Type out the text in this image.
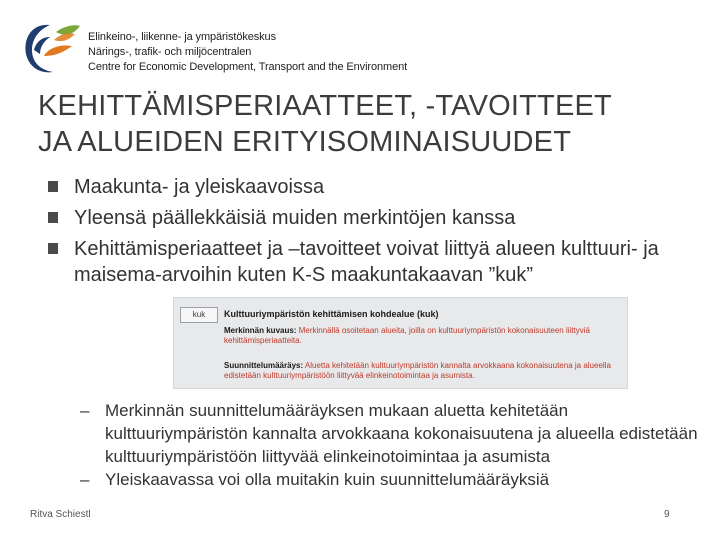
Elinkeino-, liikenne- ja ympäristökeskus
Närings-, trafik- och miljöcentralen
Centre for Economic Development, Transport and the Environment
KEHITTÄMISPERIAATTEET, -TAVOITTEET
JA ALUEIDEN ERITYISOMINAISUUDET
Maakunta- ja yleiskaavoissa
Yleensä päällekkäisiä muiden merkintöjen kanssa
Kehittämisperiaatteet ja –tavoitteet voivat liittyä alueen kulttuuri- ja maisema-arvoihin kuten K-S maakuntakaavan ”kuk”
kuk	Kulttuuriympäristön kehittämisen kohdealue (kuk)
Merkinnän kuvaus: Merkinnällä osoitetaan alueita, joilla on kulttuuriympäristön kokonaisuuteen liittyviä kehittämisperiaatteita.
Suunnittelumääräys: Aluetta kehitetään kulttuuriympäristön kannalta arvokkaana kokonaisuutena ja alueella edistetään kulttuuriympäristöön liittyvää elinkeinotoimintaa ja asumista.
– Merkinnän suunnittelumääräyksen mukaan aluetta kehitetään kulttuuriympäristön kannalta arvokkaana kokonaisuutena ja alueella edistetään kulttuuriympäristöön liittyvää elinkeinotoimintaa ja asumista
– Yleiskaavassa voi olla muitakin kuin suunnittelumääräyksiä
Ritva Schiestl	9
